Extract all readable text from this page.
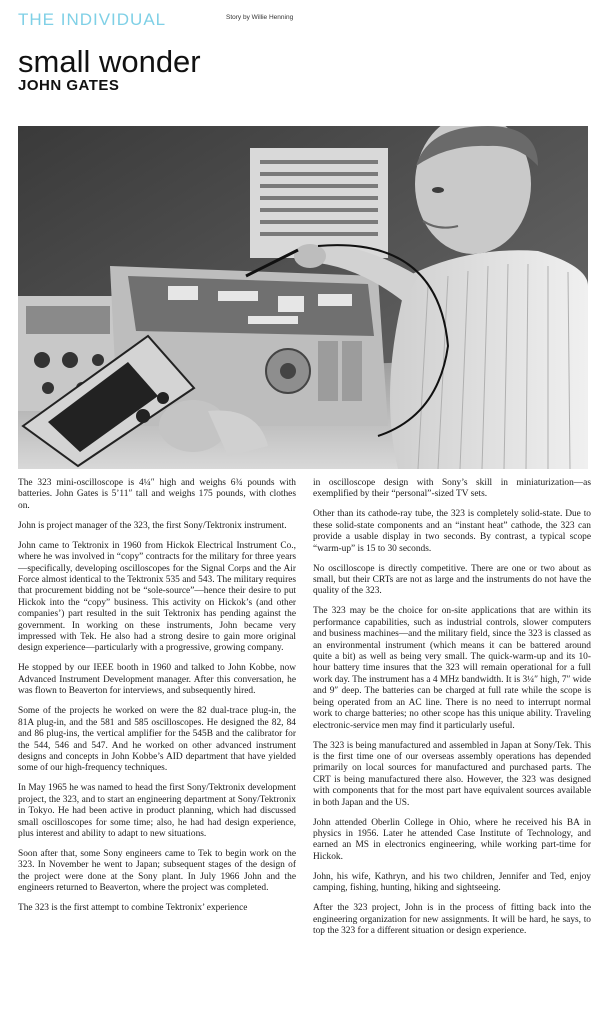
THE INDIVIDUAL	Story by Willie Henning
small wonder
JOHN GATES

The 323 mini-oscilloscope is 4¼″ high and weighs 6¾ pounds with batteries. John Gates is 5’11″ tall and weighs 175 pounds, with clothes on.

John is project manager of the 323, the first Sony/Tektronix instrument.

John came to Tektronix in 1960 from Hickok Electrical Instrument Co., where he was involved in “copy” contracts for the military for three years—specifically, developing oscilloscopes for the Signal Corps and the Air Force almost identical to the Tektronix 535 and 543. The military requires that procurement bidding not be “sole-source”—hence their desire to put Hickok into the “copy” business. This activity on Hickok’s (and other companies’) part resulted in the suit Tektronix has pending against the government. In working on these instruments, John became very impressed with Tek. He also had a strong desire to gain more original design experience—particularly with a progressive, growing company.

He stopped by our IEEE booth in 1960 and talked to John Kobbe, now Advanced Instrument Development manager. After this conversation, he was flown to Beaverton for interviews, and subsequently hired.

Some of the projects he worked on were the 82 dual-trace plug-in, the 81A plug-in, and the 581 and 585 oscilloscopes. He designed the 82, 84 and 86 plug-ins, the vertical amplifier for the 545B and the calibrator for the 544, 546 and 547. And he worked on other advanced instrument designs and concepts in John Kobbe’s AID department that have yielded some of our high-frequency techniques.

In May 1965 he was named to head the first Sony/Tektronix development project, the 323, and to start an engineering department at Sony/Tektronix in Tokyo. He had been active in product planning, which had discussed small oscilloscopes for some time; also, he had had design experience, plus interest and ability to adapt to new situations.

Soon after that, some Sony engineers came to Tek to begin work on the 323. In November he went to Japan; subsequent stages of the design of the project were done at the Sony plant. In July 1966 John and the engineers returned to Beaverton, where the project was completed.

The 323 is the first attempt to combine Tektronix’ experience

in oscilloscope design with Sony’s skill in miniaturization—as exemplified by their “personal”-sized TV sets.

Other than its cathode-ray tube, the 323 is completely solid-state. Due to these solid-state components and an “instant heat” cathode, the 323 can provide a usable display in two seconds. By contrast, a typical scope “warm-up” is 15 to 30 seconds.

No oscilloscope is directly competitive. There are one or two about as small, but their CRTs are not as large and the instruments do not have the quality of the 323.

The 323 may be the choice for on-site applications that are within its performance capabilities, such as industrial controls, slower computers and business machines—and the military field, since the 323 is classed as an environmental instrument (which means it can be battered around quite a bit) as well as being very small. The quick-warm-up and its 10-hour battery time insures that the 323 will remain operational for a full work day. The instrument has a 4 MHz bandwidth. It is 3¼″ high, 7″ wide and 9″ deep. The batteries can be charged at full rate while the scope is being operated from an AC line. There is no need to interrupt normal work to charge batteries; no other scope has this unique ability. Traveling electronic-service men may find it particularly useful.

The 323 is being manufactured and assembled in Japan at Sony/Tek. This is the first time one of our overseas assembly operations has depended primarily on local sources for manufactured and purchased parts. The CRT is being manufactured there also. However, the 323 was designed with components that for the most part have equivalent sources available in both Japan and the US.

John attended Oberlin College in Ohio, where he received his BA in physics in 1956. Later he attended Case Institute of Technology, and earned an MS in electronics engineering, while working part-time for Hickok.

John, his wife, Kathryn, and his two children, Jennifer and Ted, enjoy camping, fishing, hunting, hiking and sightseeing.

After the 323 project, John is in the process of fitting back into the engineering organization for new assignments. It will be hard, he says, to top the 323 for a different situation or design experience.
